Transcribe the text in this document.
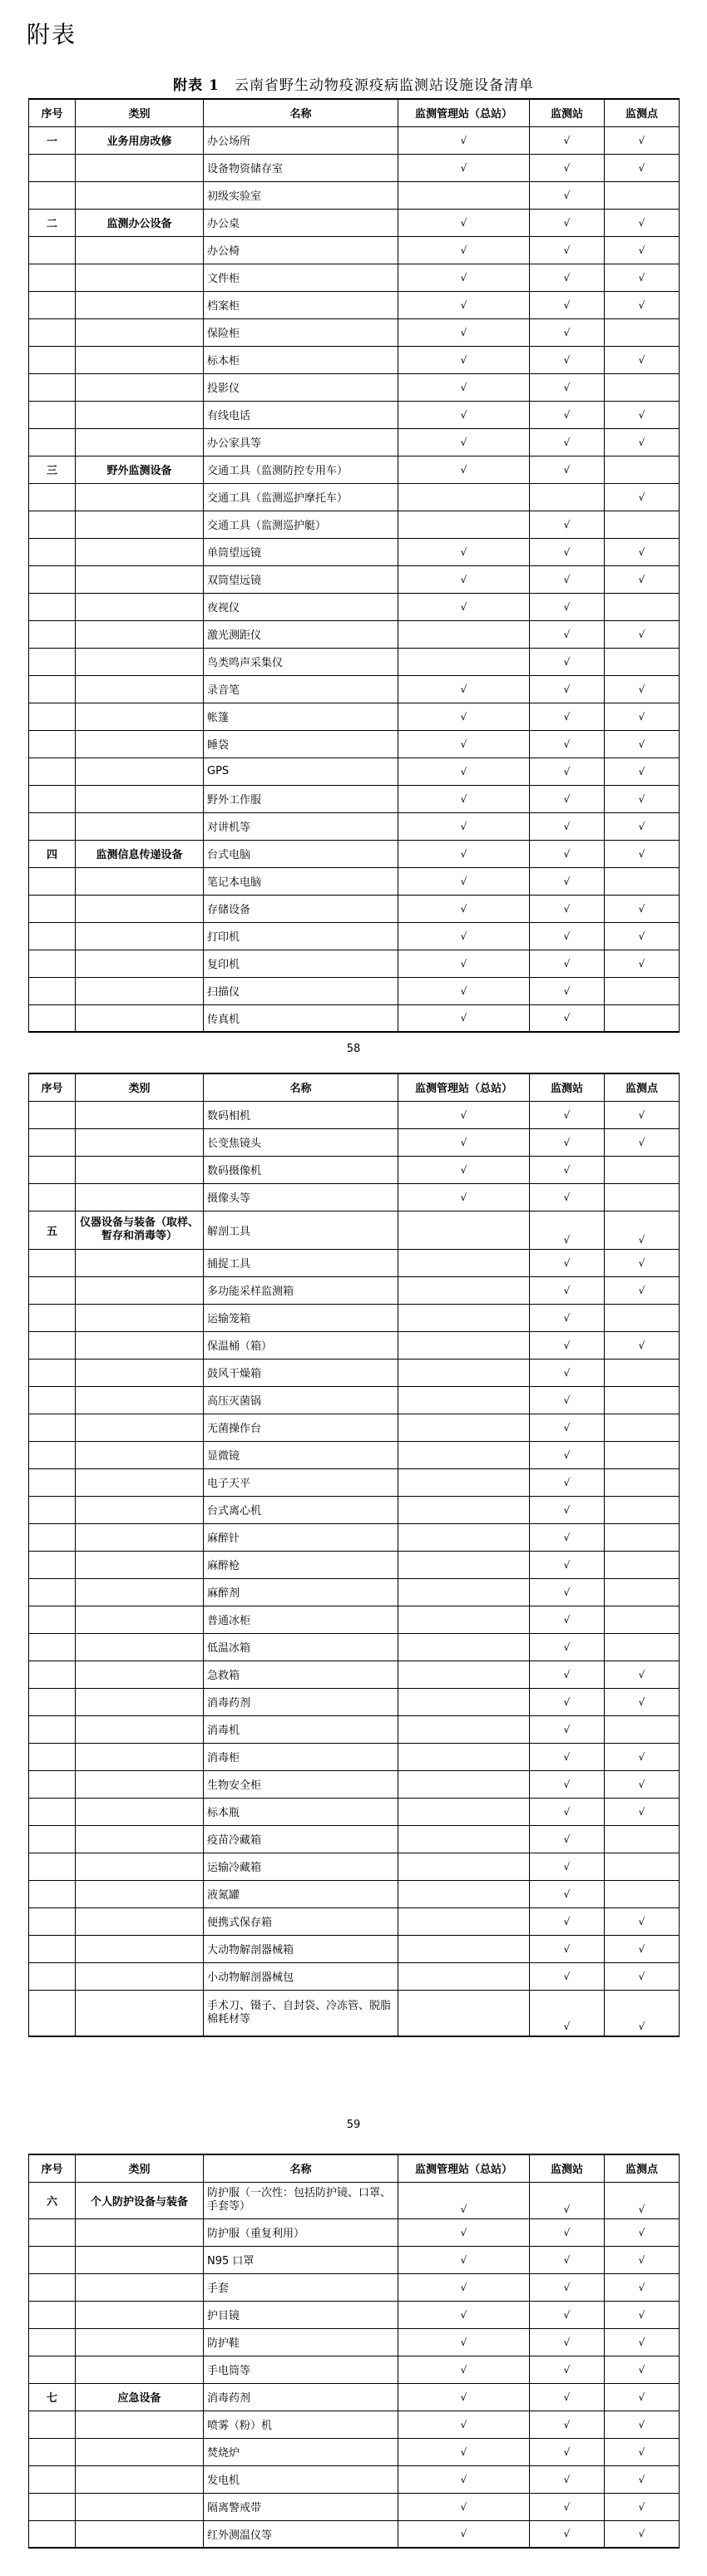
附表
附表 1 云南省野生动物疫源疫病监测站设施设备清单
序号	类别	名称	监测管理站（总站）	监测站	监测点
一	业务用房改修	办公场所	√	√	√
		设备物资储存室	√	√	√
		初级实验室		√	
二	监测办公设备	办公桌	√	√	√
		办公椅	√	√	√
		文件柜	√	√	√
		档案柜	√	√	√
		保险柜	√	√	
		标本柜	√	√	√
		投影仪	√	√	
		有线电话	√	√	√
		办公家具等	√	√	√
三	野外监测设备	交通工具（监测防控专用车）	√	√	
		交通工具（监测巡护摩托车）			√
		交通工具（监测巡护艇）		√	
		单筒望远镜	√	√	√
		双筒望远镜	√	√	√
		夜视仪	√	√	
		激光测距仪		√	√
		鸟类鸣声采集仪		√	
		录音笔	√	√	√
		帐篷	√	√	√
		睡袋	√	√	√
		GPS	√	√	√
		野外工作服	√	√	√
		对讲机等	√	√	√
四	监测信息传递设备	台式电脑	√	√	√
		笔记本电脑	√	√	
		存储设备	√	√	√
		打印机	√	√	√
		复印机	√	√	√
		扫描仪	√	√	
		传真机	√	√	
58
序号	类别	名称	监测管理站（总站）	监测站	监测点
		数码相机	√	√	√
		长变焦镜头	√	√	√
		数码摄像机	√	√	
		摄像头等	√	√	
五	仪器设备与装备（取样、暂存和消毒等）	解剖工具		√	√
		捕捉工具		√	√
		多功能采样监测箱		√	√
		运输笼箱		√	
		保温桶（箱）		√	√
		鼓风干燥箱		√	
		高压灭菌锅		√	
		无菌操作台		√	
		显微镜		√	
		电子天平		√	
		台式离心机		√	
		麻醉针		√	
		麻醉枪		√	
		麻醉剂		√	
		普通冰柜		√	
		低温冰箱		√	
		急救箱		√	√
		消毒药剂		√	√
		消毒机		√	
		消毒柜		√	√
		生物安全柜		√	√
		标本瓶		√	√
		疫苗冷藏箱		√	
		运输冷藏箱		√	
		液氮罐		√	
		便携式保存箱		√	√
		大动物解剖器械箱		√	√
		小动物解剖器械包		√	√
		手术刀、镊子、自封袋、冷冻管、脱脂棉耗材等		√	√
59
序号	类别	名称	监测管理站（总站）	监测站	监测点
六	个人防护设备与装备	防护服（一次性：包括防护镜、口罩、手套等）	√	√	√
		防护服（重复利用）	√	√	√
		N95 口罩	√	√	√
		手套	√	√	√
		护目镜	√	√	√
		防护鞋	√	√	√
		手电筒等	√	√	√
七	应急设备	消毒药剂	√	√	√
		喷雾（粉）机	√	√	√
		焚烧炉	√	√	√
		发电机	√	√	√
		隔离警戒带	√	√	√
		红外测温仪等	√	√	√
